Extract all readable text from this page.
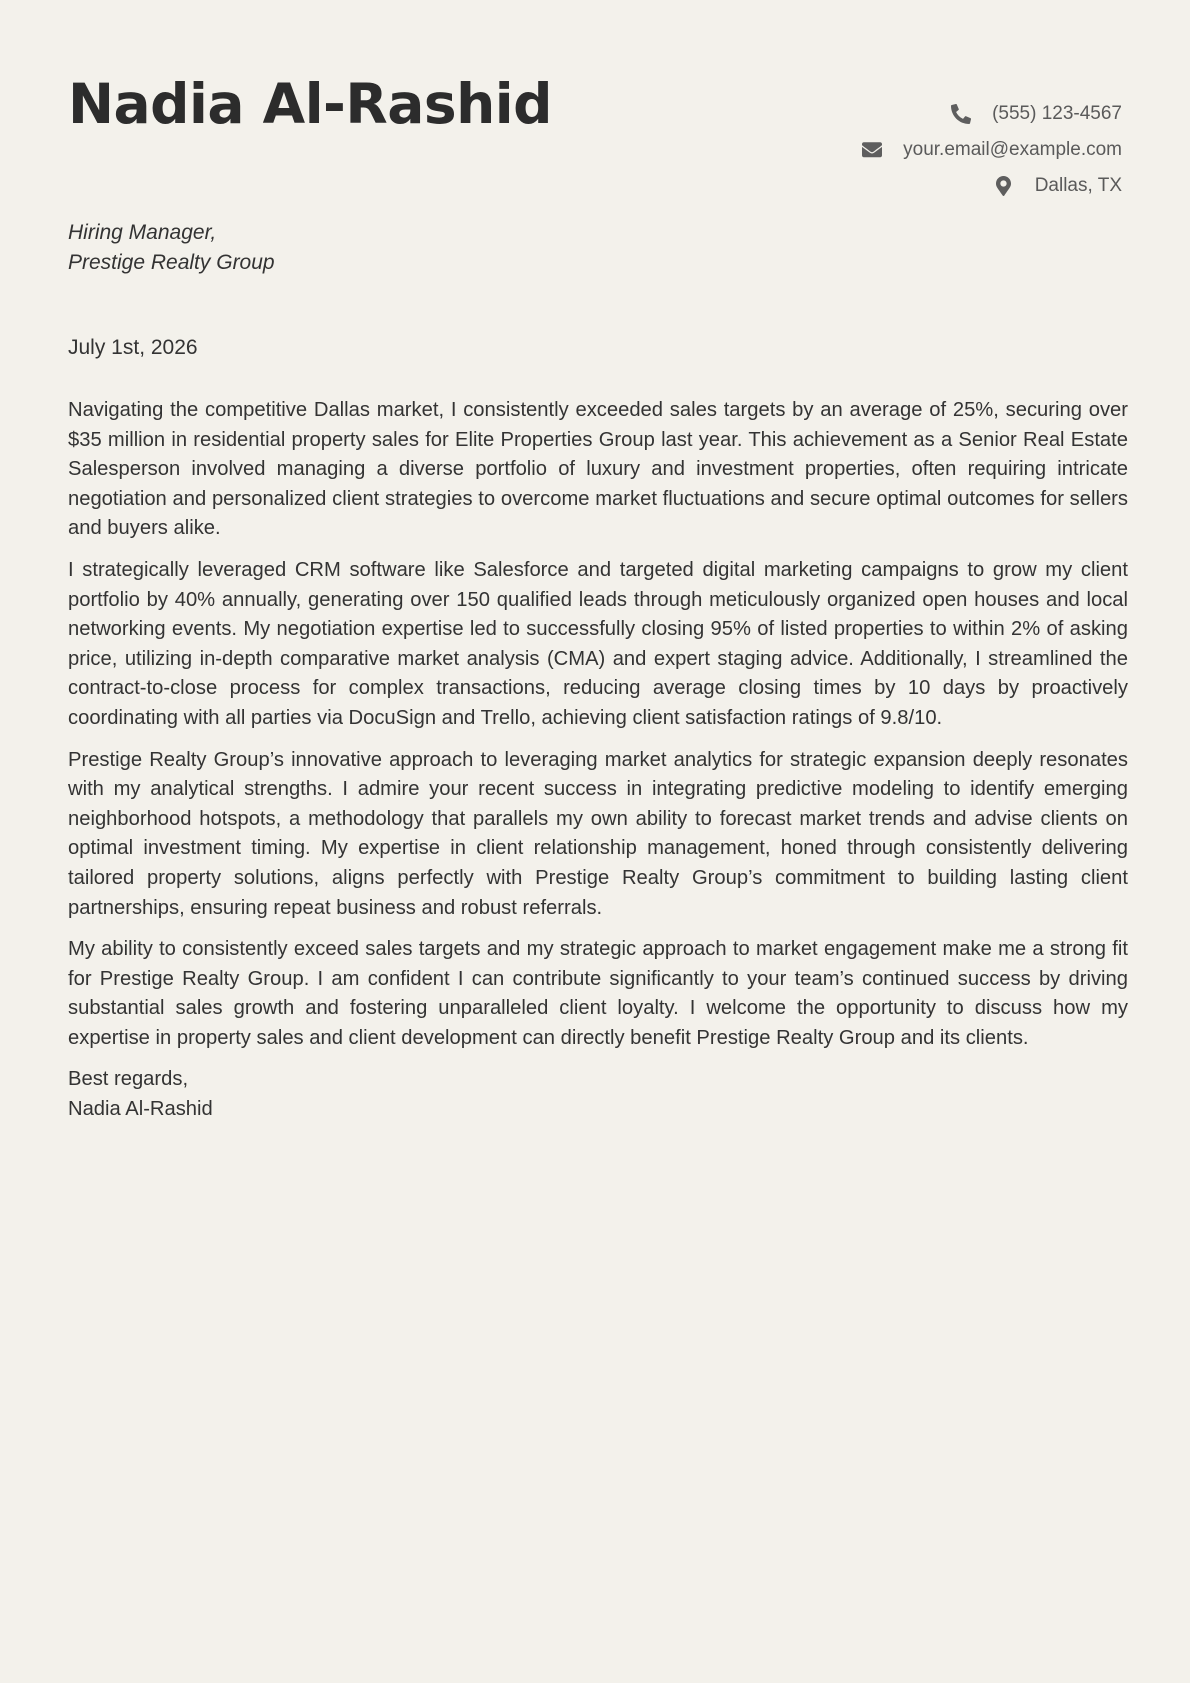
Nadia Al-Rashid	(555) 123-4567
your.email@example.com
Dallas, TX
Hiring Manager,
Prestige Realty Group
July 1st, 2026

Navigating the competitive Dallas market, I consistently exceeded sales targets by an average of 25%, securing over $35 million in residential property sales for Elite Properties Group last year. This achievement as a Senior Real Estate Salesperson involved managing a diverse portfolio of luxury and investment properties, often requiring intricate negotiation and personalized client strategies to overcome market fluctuations and secure optimal outcomes for sellers and buyers alike.

I strategically leveraged CRM software like Salesforce and targeted digital marketing campaigns to grow my client portfolio by 40% annually, generating over 150 qualified leads through meticulously organized open houses and local networking events. My negotiation expertise led to successfully closing 95% of listed properties to within 2% of asking price, utilizing in-depth comparative market analysis (CMA) and expert staging advice. Additionally, I streamlined the contract-to-close process for complex transactions, reducing average closing times by 10 days by proactively coordinating with all parties via DocuSign and Trello, achieving client satisfaction ratings of 9.8/10.

Prestige Realty Group’s innovative approach to leveraging market analytics for strategic expansion deeply resonates with my analytical strengths. I admire your recent success in integrating predictive modeling to identify emerging neighborhood hotspots, a methodology that parallels my own ability to forecast market trends and advise clients on optimal investment timing. My expertise in client relationship management, honed through consistently delivering tailored property solutions, aligns perfectly with Prestige Realty Group’s commitment to building lasting client partnerships, ensuring repeat business and robust referrals.

My ability to consistently exceed sales targets and my strategic approach to market engagement make me a strong fit for Prestige Realty Group. I am confident I can contribute significantly to your team’s continued success by driving substantial sales growth and fostering unparalleled client loyalty. I welcome the opportunity to discuss how my expertise in property sales and client development can directly benefit Prestige Realty Group and its clients.

Best regards,
Nadia Al-Rashid
